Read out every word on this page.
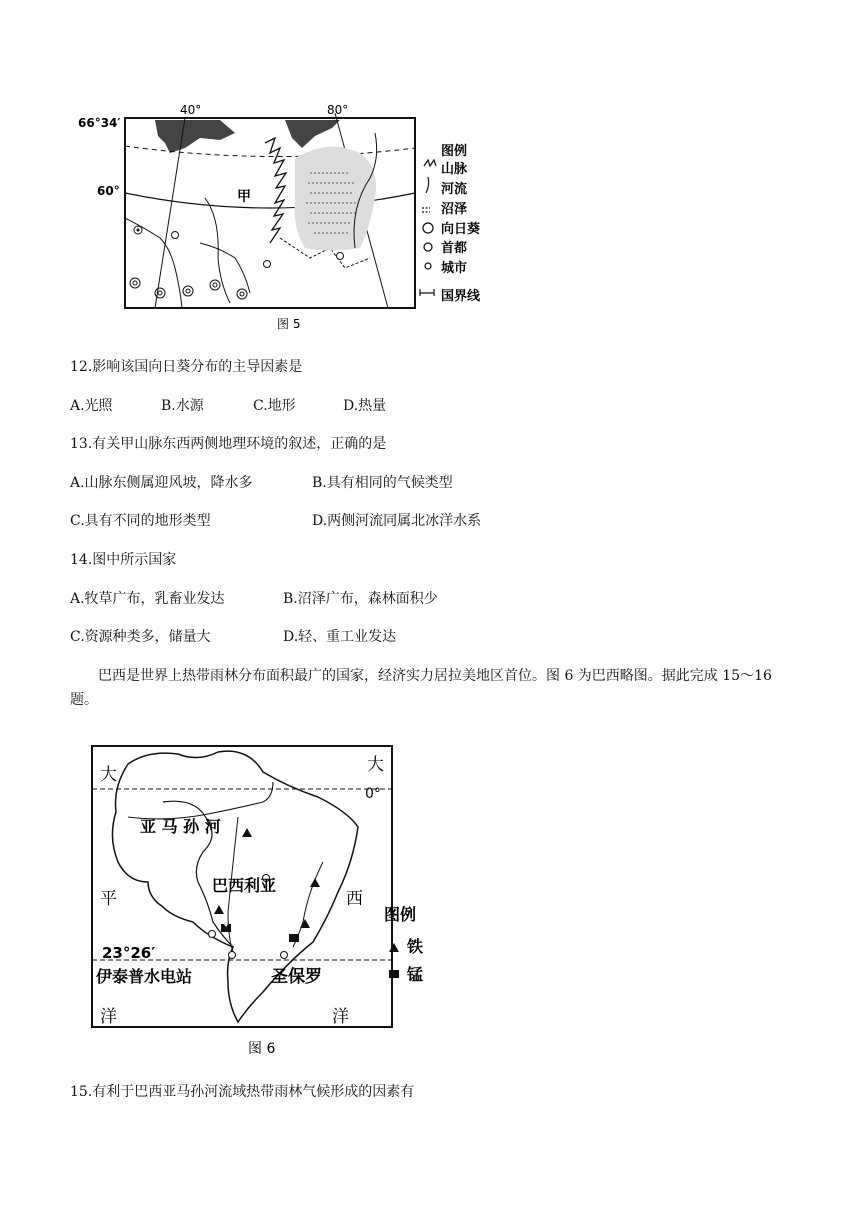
66°34′
60°
40°	80°
甲
图例
山脉
河流
沼泽
向日葵
首都
城市
国界线
图 5
12.影响该国向日葵分布的主导因素是
A.光照	B.水源	C.地形	D.热量
13.有关甲山脉东西两侧地理环境的叙述，正确的是
A.山脉东侧属迎风坡，降水多	B.具有相同的气候类型
C.具有不同的地形类型	D.两侧河流同属北冰洋水系
14.图中所示国家
A.牧草广布，乳畜业发达	B.沼泽广布，森林面积少
C.资源种类多，储量大	D.轻、重工业发达
巴西是世界上热带雨林分布面积最广的国家，经济实力居拉美地区首位。图 6 为巴西略图。据此完成 15～16 题。
大	大
0°
亚 马 孙 河
巴西利亚
平	西
23°26′
伊泰普水电站	圣保罗
洋	洋
图例
铁
锰
图 6
15.有利于巴西亚马孙河流域热带雨林气候形成的因素有
